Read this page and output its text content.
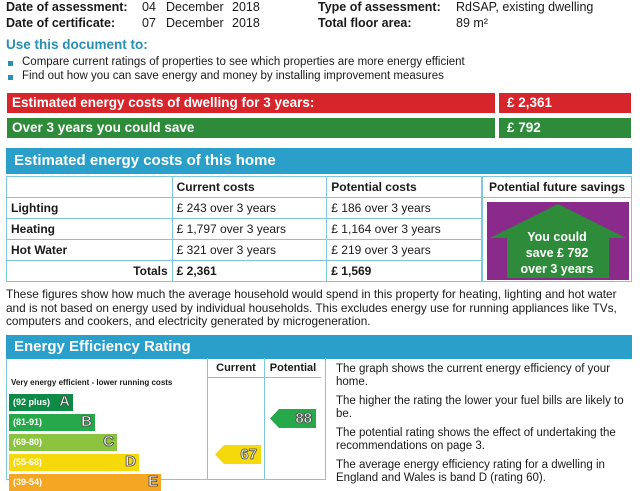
Date of assessment: 04 December 2018	Type of assessment: RdSAP, existing dwelling
Date of certificate: 07 December 2018	Total floor area:	89 m²
Use this document to:
Compare current ratings of properties to see which properties are more energy efficient
Find out how you can save energy and money by installing improvement measures
Estimated energy costs of dwelling for 3 years:	£ 2,361
Over 3 years you could save	£ 792
Estimated energy costs of this home
	Current costs	Potential costs
Lighting	£ 243 over 3 years	£ 186 over 3 years
Heating	£ 1,797 over 3 years	£ 1,164 over 3 years
Hot Water	£ 321 over 3 years	£ 219 over 3 years
Totals	£ 2,361	£ 1,569
Potential future savings
You could
save £ 792
over 3 years
These figures show how much the average household would spend in this property for heating, lighting and hot water and is not based on energy used by individual households. This excludes energy use for running appliances like TVs, computers and cookers, and electricity generated by microgeneration.
Energy Efficiency Rating
Current	Potential
Very energy efficient - lower running costs
(92 plus) A
(81-91)	B
(69-80)	C
(55-68)	D
(39-54)	E
67
88

The graph shows the current energy efficiency of your home.

The higher the rating the lower your fuel bills are likely to be.

The potential rating shows the effect of undertaking the recommendations on page 3.

The average energy efficiency rating for a dwelling in England and Wales is band D (rating 60).
